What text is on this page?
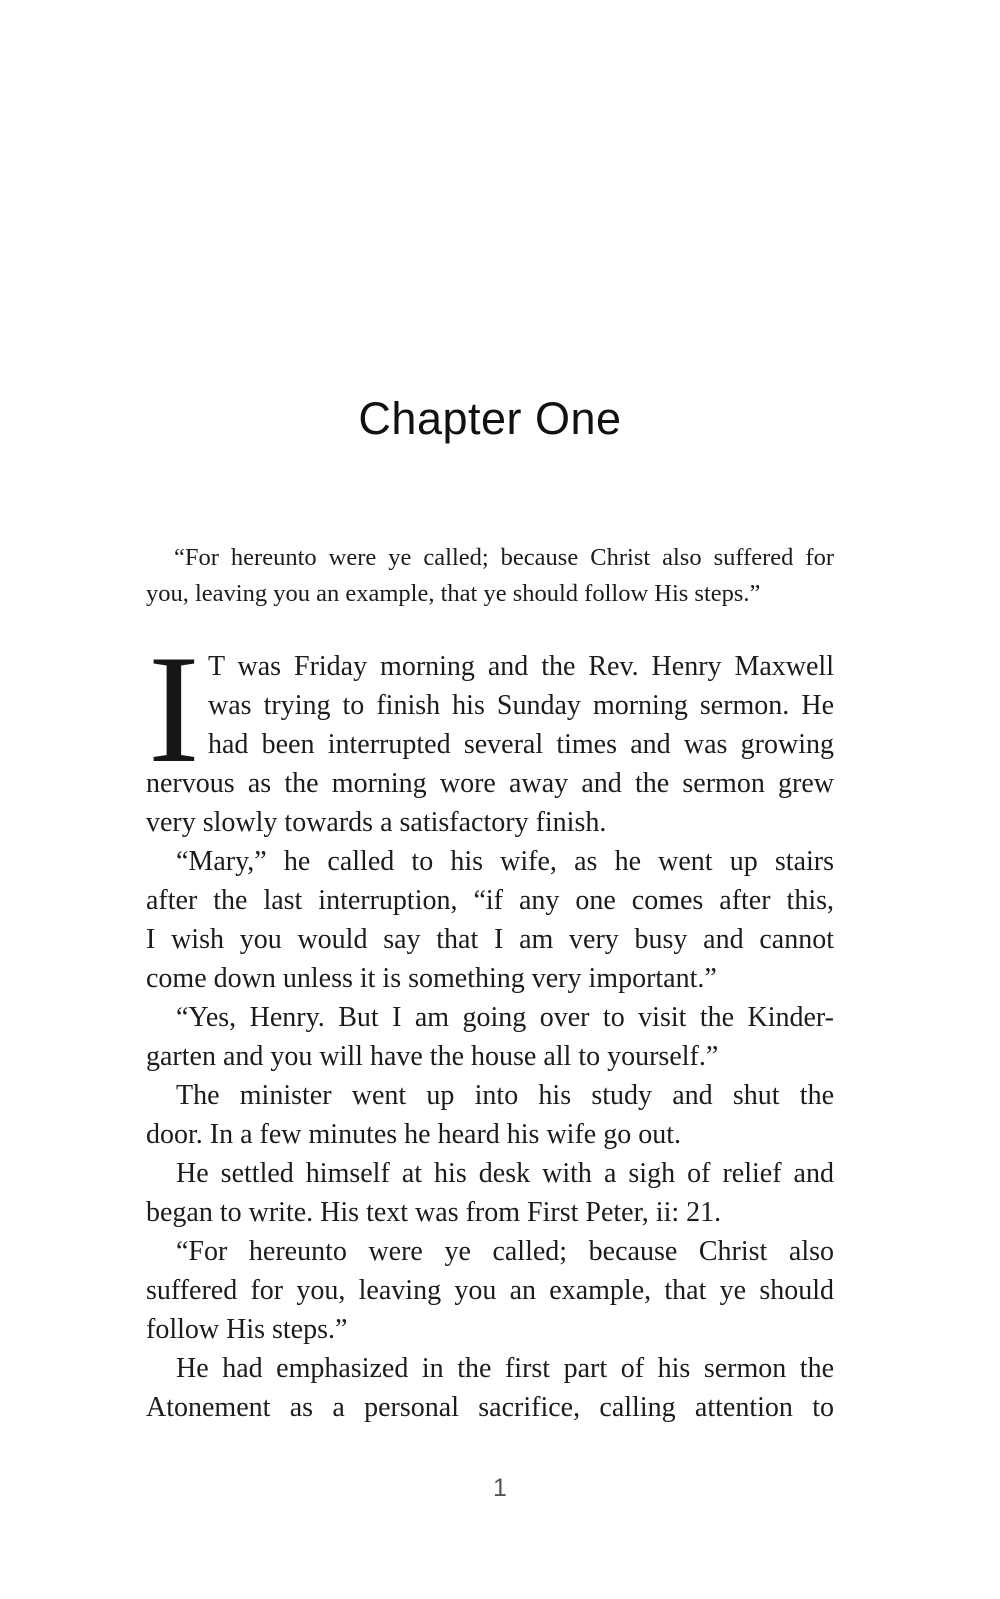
Chapter One
“For hereunto were ye called; because Christ also suffered for
you, leaving you an example, that ye should follow His steps.”
I T was Friday morning and the Rev. Henry Maxwell
was trying to finish his Sunday morning sermon. He
had been interrupted several times and was growing
nervous as the morning wore away and the sermon grew
very slowly towards a satisfactory finish.
“Mary,” he called to his wife, as he went up stairs
after the last interruption, “if any one comes after this,
I wish you would say that I am very busy and cannot
come down unless it is something very important.”
“Yes, Henry. But I am going over to visit the Kinder-
garten and you will have the house all to yourself.”
The minister went up into his study and shut the
door. In a few minutes he heard his wife go out.
He settled himself at his desk with a sigh of relief and
began to write. His text was from First Peter, ii: 21.
“For hereunto were ye called; because Christ also
suffered for you, leaving you an example, that ye should
follow His steps.”
He had emphasized in the first part of his sermon the
Atonement as a personal sacrifice, calling attention to
1
